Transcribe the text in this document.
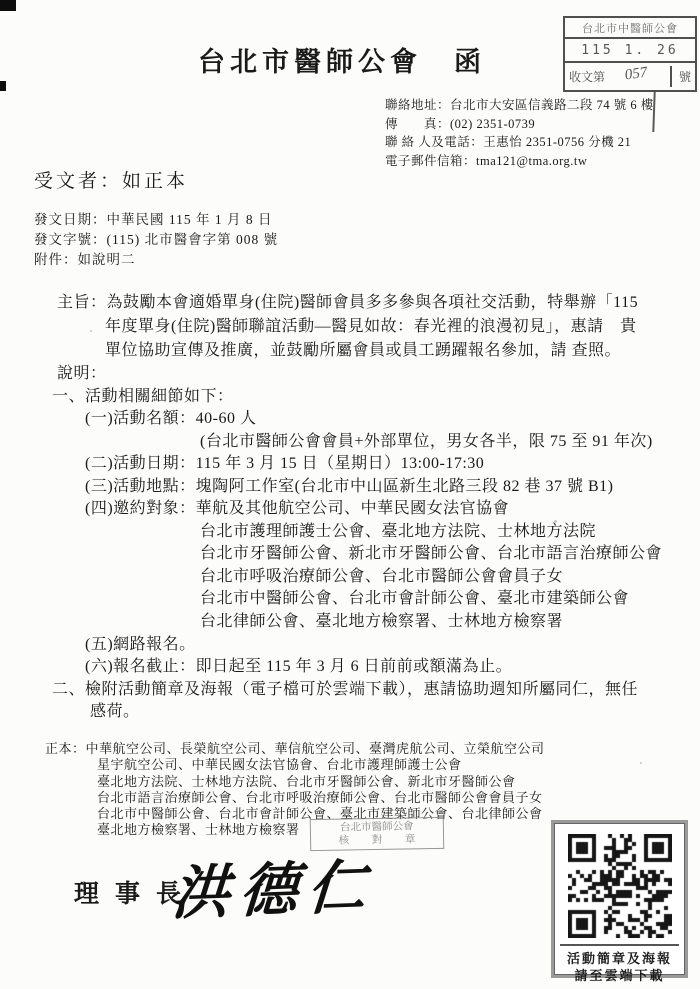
台北市醫師公會　函
台北市中醫師公會
115 1. 26
收文第	057	號
聯絡地址：台北市大安區信義路二段 74 號 6 樓
傳　　真：(02) 2351-0739
聯 絡 人及電話：王惠怡 2351-0756 分機 21
電子郵件信箱：tma121@tma.org.tw
受文者：如正本
發文日期：中華民國 115 年 1 月 8 日
發文字號：(115) 北市醫會字第 008 號
附件：如說明二
主旨：為鼓勵本會適婚單身(住院)醫師會員多多參與各項社交活動，特舉辦「115
年度單身(住院)醫師聯誼活動—醫見如故：春光裡的浪漫初見」，惠請　貴
單位協助宣傳及推廣，並鼓勵所屬會員或員工踴躍報名參加，請 查照。
說明：
一、活動相關細節如下：
(一)活動名額：40-60 人
(台北市醫師公會會員+外部單位，男女各半，限 75 至 91 年次)
(二)活動日期：115 年 3 月 15 日（星期日）13:00-17:30
(三)活動地點：塊陶阿工作室(台北市中山區新生北路三段 82 巷 37 號 B1)
(四)邀約對象：華航及其他航空公司、中華民國女法官協會
台北市護理師護士公會、臺北地方法院、士林地方法院
台北市牙醫師公會、新北市牙醫師公會、台北市語言治療師公會
台北市呼吸治療師公會、台北市醫師公會會員子女
台北市中醫師公會、台北市會計師公會、臺北市建築師公會
台北律師公會、臺北地方檢察署、士林地方檢察署
(五)網路報名。
(六)報名截止：即日起至 115 年 3 月 6 日前前或額滿為止。
二、檢附活動簡章及海報（電子檔可於雲端下載），惠請協助週知所屬同仁，無任
感荷。
正本：中華航空公司、長榮航空公司、華信航空公司、臺灣虎航公司、立榮航空公司
星宇航空公司、中華民國女法官協會、台北市護理師護士公會
臺北地方法院、士林地方法院、台北市牙醫師公會、新北市牙醫師公會
台北市語言治療師公會、台北市呼吸治療師公會、台北市醫師公會會員子女
台北市中醫師公會、台北市會計師公會、臺北市建築師公會、台北律師公會
臺北地方檢察署、士林地方檢察署	台北市醫師公會
核 對 章
理事長
洪德仁
活動簡章及海報
請至雲端下載
